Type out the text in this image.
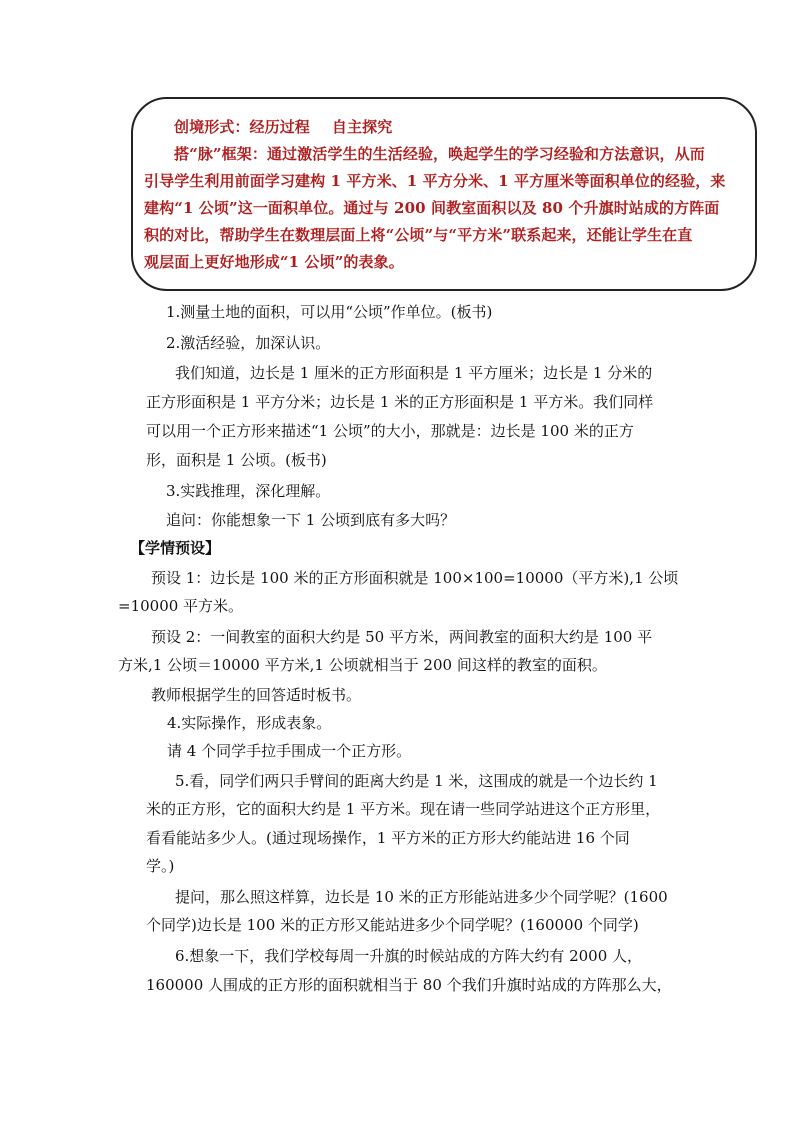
创境形式：经历过程 自主探究
搭“脉”框架：通过激活学生的生活经验，唤起学生的学习经验和方法意识，从而
引导学生利用前面学习建构 1 平方米、1 平方分米、1 平方厘米等面积单位的经验，来
建构“1 公顷”这一面积单位。通过与 200 间教室面积以及 80 个升旗时站成的方阵面
积的对比，帮助学生在数理层面上将“公顷”与“平方米”联系起来，还能让学生在直
观层面上更好地形成“1 公顷”的表象。
1.测量土地的面积，可以用“公顷”作单位。(板书)
2.激活经验，加深认识。
我们知道，边长是 1 厘米的正方形面积是 1 平方厘米；边长是 1 分米的
正方形面积是 1 平方分米；边长是 1 米的正方形面积是 1 平方米。我们同样
可以用一个正方形来描述“1 公顷”的大小，那就是：边长是 100 米的正方
形，面积是 1 公顷。(板书)
3.实践推理，深化理解。
追问：你能想象一下 1 公顷到底有多大吗？
【学情预设】
预设 1：边长是 100 米的正方形面积就是 100×100=10000（平方米),1 公顷
=10000 平方米。
预设 2：一间教室的面积大约是 50 平方米，两间教室的面积大约是 100 平
方米,1 公顷＝10000 平方米,1 公顷就相当于 200 间这样的教室的面积。
教师根据学生的回答适时板书。
4.实际操作，形成表象。
请 4 个同学手拉手围成一个正方形。
5.看，同学们两只手臂间的距离大约是 1 米，这围成的就是一个边长约 1
米的正方形，它的面积大约是 1 平方米。现在请一些同学站进这个正方形里，
看看能站多少人。(通过现场操作，1 平方米的正方形大约能站进 16 个同
学。)
提问，那么照这样算，边长是 10 米的正方形能站进多少个同学呢？(1600
个同学)边长是 100 米的正方形又能站进多少个同学呢？(160000 个同学)
6.想象一下，我们学校每周一升旗的时候站成的方阵大约有 2000 人，
160000 人围成的正方形的面积就相当于 80 个我们升旗时站成的方阵那么大，
